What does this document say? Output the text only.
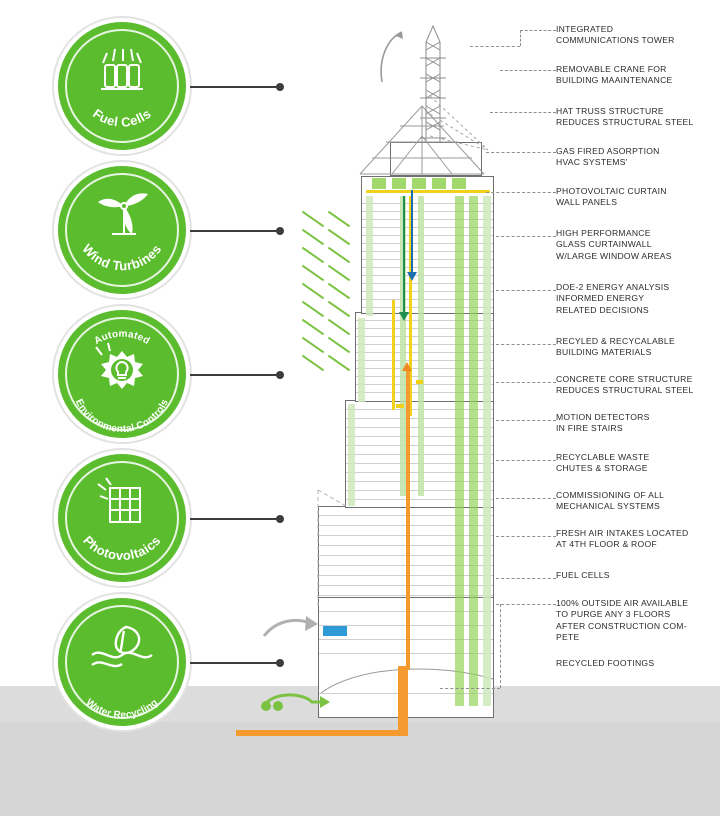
Fuel Cells
Wind Turbines
Automated
Environmental Controls
Photovoltaics
Water Recycling
INTEGRATED
COMMUNICATIONS TOWER
REMOVABLE CRANE FOR
BUILDING MAAINTENANCE
HAT TRUSS STRUCTURE
REDUCES STRUCTURAL STEEL
GAS FIRED ASORPTION
HVAC SYSTEMS'
PHOTOVOLTAIC CURTAIN
WALL PANELS
HIGH PERFORMANCE
GLASS CURTAINWALL
W/LARGE WINDOW AREAS
DOE-2 ENERGY ANALYSIS
INFORMED ENERGY
RELATED DECISIONS
RECYLED & RECYCALABLE
BUILDING MATERIALS
CONCRETE CORE STRUCTURE
REDUCES STRUCTURAL STEEL
MOTION DETECTORS
IN FIRE STAIRS
RECYCLABLE WASTE
CHUTES & STORAGE
COMMISSIONING OF ALL
MECHANICAL SYSTEMS
FRESH AIR INTAKES LOCATED
AT 4TH FLOOR & ROOF
FUEL CELLS
100% OUTSIDE AIR AVAILABLE
TO PURGE ANY 3 FLOORS
AFTER CONSTRUCTION COM-
PETE
RECYCLED FOOTINGS
